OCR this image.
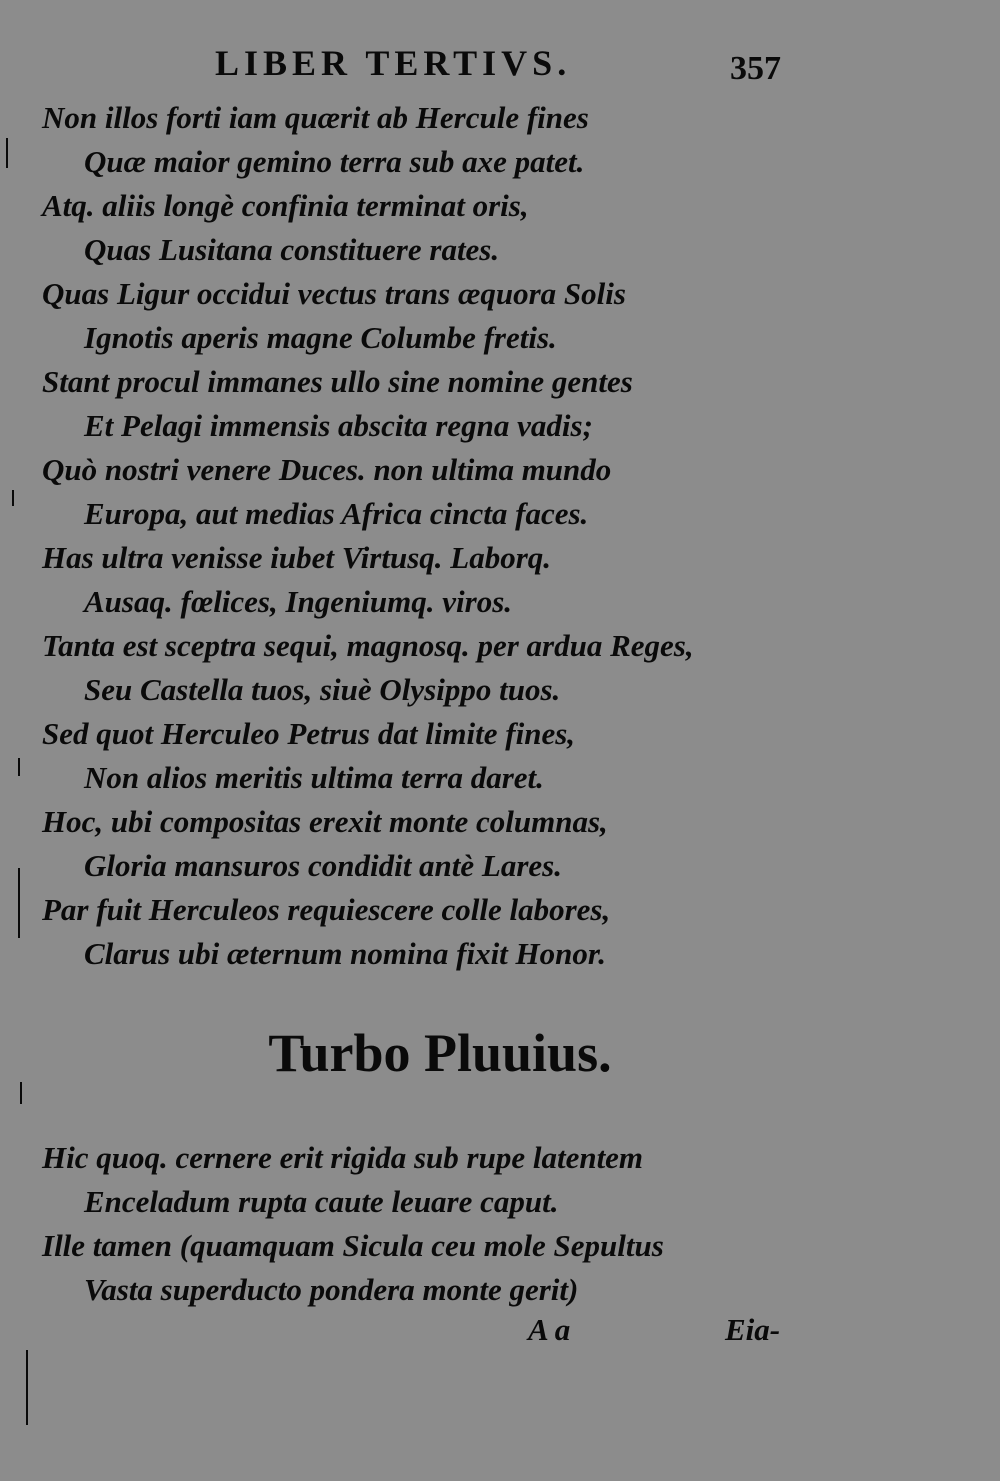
LIBER TERTIVS.	357
Non illos forti iam quærit ab Hercule fines
Quæ maior gemino terra sub axe patet.
Atq. aliis longè confinia terminat oris,
Quas Lusitana constituere rates.
Quas Ligur occidui vectus trans æquora Solis
Ignotis aperis magne Columbe fretis.
Stant procul immanes ullo sine nomine gentes
Et Pelagi immensis abscita regna vadis;
Quò nostri venere Duces. non ultima mundo
Europa, aut medias Africa cincta faces.
Has ultra venisse iubet Virtusq. Laborq.
Ausaq. fœlices, Ingeniumq. viros.
Tanta est sceptra sequi, magnosq. per ardua Reges,
Seu Castella tuos, siuè Olysippo tuos.
Sed quot Herculeo Petrus dat limite fines,
Non alios meritis ultima terra daret.
Hoc, ubi compositas erexit monte columnas,
Gloria mansuros condidit antè Lares.
Par fuit Herculeos requiescere colle labores,
Clarus ubi æternum nomina fixit Honor.
Turbo Pluuius.
Hic quoq. cernere erit rigida sub rupe latentem
Enceladum rupta caute leuare caput.
Ille tamen (quamquam Sicula ceu mole Sepultus
Vasta superducto pondera monte gerit)
A a	Eia-
